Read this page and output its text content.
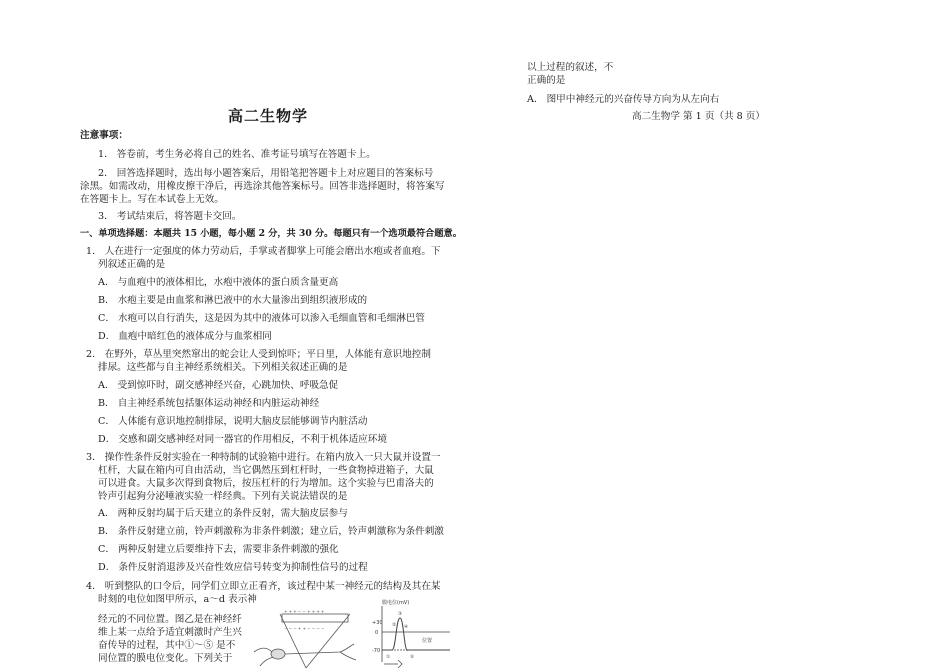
以上过程的叙述，不
正确的是
A． 图甲中神经元的兴奋传导方向为从左向右
高二生物学 第 1 页（共 8 页）
高二生物学
注意事项：
1． 答卷前，考生务必将自己的姓名、准考证号填写在答题卡上。
2． 回答选择题时，选出每小题答案后，用铅笔把答题卡上对应题目的答案标号
涂黑。如需改动，用橡皮擦干净后，再选涂其他答案标号。回答非选择题时，将答案写
在答题卡上。写在本试卷上无效。
3． 考试结束后，将答题卡交回。
一、单项选择题：本题共 15 小题，每小题 2 分，共 30 分。每题只有一个选项最符合题意。
1． 人在进行一定强度的体力劳动后，手掌或者脚掌上可能会磨出水疱或者血疱。下
列叙述正确的是
A． 与血疱中的液体相比，水疱中液体的蛋白质含量更高
B． 水疱主要是由血浆和淋巴液中的水大量渗出到组织液形成的
C． 水疱可以自行消失，这是因为其中的液体可以渗入毛细血管和毛细淋巴管
D． 血疱中暗红色的液体成分与血浆相同
2． 在野外，草丛里突然窜出的蛇会让人受到惊吓；平日里，人体能有意识地控制
排尿。这些都与自主神经系统相关。下列相关叙述正确的是
A． 受到惊吓时，副交感神经兴奋，心跳加快、呼吸急促
B． 自主神经系统包括躯体运动神经和内脏运动神经
C． 人体能有意识地控制排尿，说明大脑皮层能够调节内脏活动
D． 交感和副交感神经对同一器官的作用相反，不利于机体适应环境
3． 操作性条件反射实验在一种特制的试验箱中进行。在箱内放入一只大鼠并设置一
杠杆，大鼠在箱内可自由活动，当它偶然压到杠杆时，一些食物掉进箱子，大鼠
可以进食。大鼠多次得到食物后，按压杠杆的行为增加。这个实验与巴甫洛夫的
铃声引起狗分泌唾液实验一样经典。下列有关说法错误的是
A． 两种反射均属于后天建立的条件反射，需大脑皮层参与
B． 条件反射建立前，铃声刺激称为非条件刺激；建立后，铃声刺激称为条件刺激
C． 两种反射建立后要维持下去，需要非条件刺激的强化
D． 条件反射消退涉及兴奋性效应信号转变为抑制性信号的过程
4． 听到整队的口令后，同学们立即立正看齐，该过程中某一神经元的结构及其在某
时刻的电位如图甲所示，a～d 表示神
经元的不同位置。图乙是在神经纤
维上某一点给予适宜刺激时产生兴
奋传导的过程，其中①～⑤ 是不
同位置的膜电位变化。下列关于
+ + + − − + + + +
− − − + + − − − −
膜电位(mV)
+30
0
-70
位置
①
②
③
④
⑤
